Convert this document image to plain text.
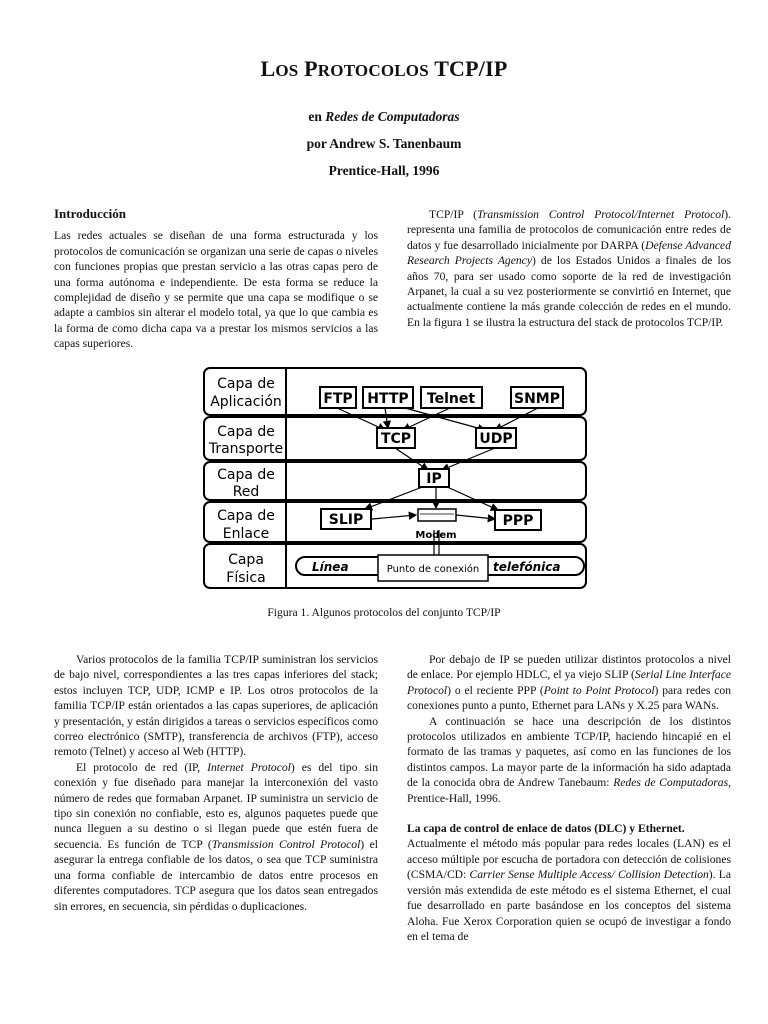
LOS PROTOCOLOS TCP/IP
en Redes de Computadoras
por Andrew S. Tanenbaum
Prentice-Hall, 1996
Introducción

Las redes actuales se diseñan de una forma estructurada y los protocolos de comunicación se organizan una serie de capas o niveles con funciones propias que prestan servicio a las otras capas pero de una forma autónoma e independiente. De esta forma se reduce la complejidad de diseño y se permite que una capa se modifique o se adapte a cambios sin alterar el modelo total, ya que lo que cambia es la forma de como dicha capa va a prestar los mismos servicios a las capas superiores.

TCP/IP (Transmission Control Protocol/Internet Protocol). representa una familia de protocolos de comunicación entre redes de datos y fue desarrollado inicialmente por DARPA (Defense Advanced Research Projects Agency) de los Estados Unidos a finales de los años 70, para ser usado como soporte de la red de investigación Arpanet, la cual a su vez posteriormente se convirtió en Internet, que actualmente contiene la más grande colección de redes en el mundo. En la figura 1 se ilustra la estructura del stack de protocolos TCP/IP.

Capa de
Aplicación
Capa de
Transporte
Capa de
Red
Capa de
Enlace
Capa
Física
FTP HTTP Telnet	SNMP
TCP	UDP
IP
SLIP	PPP
Modem
Línea	Punto de conexión telefónica
Figura 1. Algunos protocolos del conjunto TCP/IP

Varios protocolos de la familia TCP/IP suministran los servicios de bajo nivel, correspondientes a las tres capas inferiores del stack; estos incluyen TCP, UDP, ICMP e IP. Los otros protocolos de la familia TCP/IP están orientados a las capas superiores, de aplicación y presentación, y están dirigidos a tareas o servicios específicos como correo electrónico (SMTP), transferencia de archivos (FTP), acceso remoto (Telnet) y acceso al Web (HTTP).

El protocolo de red (IP, Internet Protocol) es del tipo sin conexión y fue diseñado para manejar la interconexión del vasto número de redes que formaban Arpanet. IP suministra un servicio de tipo sin conexión no confiable, esto es, algunos paquetes puede que nunca lleguen a su destino o si llegan puede que estén fuera de secuencia. Es función de TCP (Transmission Control Protocol) el asegurar la entrega confiable de los datos, o sea que TCP suministra una forma confiable de intercambio de datos entre procesos en diferentes computadores. TCP asegura que los datos sean entregados sin errores, en secuencia, sin pérdidas o duplicaciones.

Por debajo de IP se pueden utilizar distintos protocolos a nivel de enlace. Por ejemplo HDLC, el ya viejo SLIP (Serial Line Interface Protocol) o el reciente PPP (Point to Point Protocol) para redes con conexiones punto a punto, Ethernet para LANs y X.25 para WANs.

A continuación se hace una descripción de los distintos protocolos utilizados en ambiente TCP/IP, haciendo hincapié en el formato de las tramas y paquetes, así como en las funciones de los distintos campos. La mayor parte de la información ha sido adaptada de la conocida obra de Andrew Tanebaum: Redes de Computadoras, Prentice-Hall, 1996.

La capa de control de enlace de datos (DLC) y Ethernet.

Actualmente el método más popular para redes locales (LAN) es el acceso múltiple por escucha de portadora con detección de colisiones (CSMA/CD: Carrier Sense Multiple Access/ Collision Detection). La versión más extendida de este método es el sistema Ethernet, el cual fue desarrollado en parte basándose en los conceptos del sistema Aloha. Fue Xerox Corporation quien se ocupó de investigar a fondo en el tema de
